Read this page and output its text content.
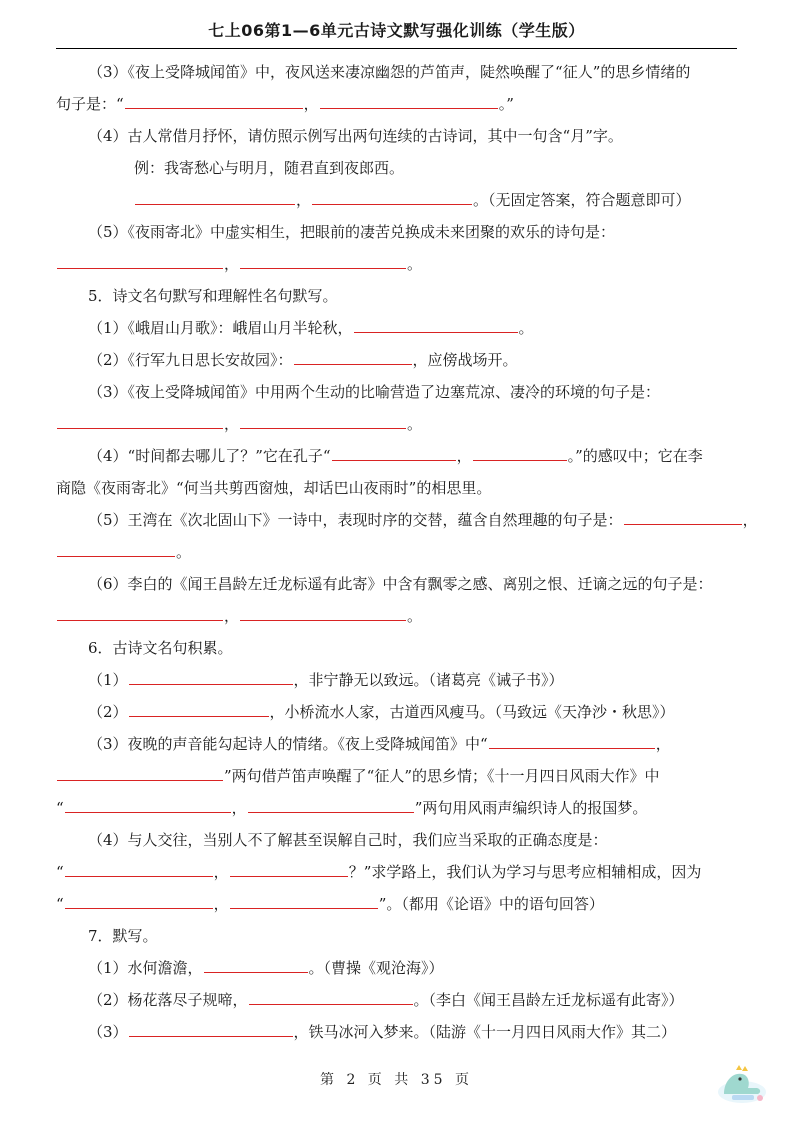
七上06第1—6单元古诗文默写强化训练（学生版）
（3）《夜上受降城闻笛》中，夜风送来凄凉幽怨的芦笛声，陡然唤醒了“征人”的思乡情绪的
句子是：“	，	。”
（4）古人常借月抒怀，请仿照示例写出两句连续的古诗词，其中一句含“月”字。
例：我寄愁心与明月，随君直到夜郎西。
，	。（无固定答案，符合题意即可）
（5）《夜雨寄北》中虚实相生，把眼前的凄苦兑换成未来团聚的欢乐的诗句是：
，	。
5．诗文名句默写和理解性名句默写。
（1）《峨眉山月歌》：峨眉山月半轮秋，	。
（2）《行军九日思长安故园》：	，应傍战场开。
（3）《夜上受降城闻笛》中用两个生动的比喻营造了边塞荒凉、凄冷的环境的句子是：
，	。
（4）“时间都去哪儿了？”它在孔子“	，	。”的感叹中；它在李
商隐《夜雨寄北》“何当共剪西窗烛，却话巴山夜雨时”的相思里。
（5）王湾在《次北固山下》一诗中，表现时序的交替，蕴含自然理趣的句子是：	，
。
（6）李白的《闻王昌龄左迁龙标遥有此寄》中含有飘零之感、离别之恨、迁谪之远的句子是：
，	。
6．古诗文名句积累。
（1）	，非宁静无以致远。（诸葛亮《诫子书》）
（2）	，小桥流水人家，古道西风瘦马。（马致远《天净沙・秋思》）
（3）夜晚的声音能勾起诗人的情绪。《夜上受降城闻笛》中“	，
”两句借芦笛声唤醒了“征人”的思乡情；《十一月四日风雨大作》中
“	，	”两句用风雨声编织诗人的报国梦。
（4）与人交往，当别人不了解甚至误解自己时，我们应当采取的正确态度是：
“	，	？”求学路上，我们认为学习与思考应相辅相成，因为
“	，	”。（都用《论语》中的语句回答）
7．默写。
（1）水何澹澹，	。（曹操《观沧海》）
（2）杨花落尽子规啼，	。（李白《闻王昌龄左迁龙标遥有此寄》）
（3）	，铁马冰河入梦来。（陆游《十一月四日风雨大作》其二）
第 2 页 共 35 页
